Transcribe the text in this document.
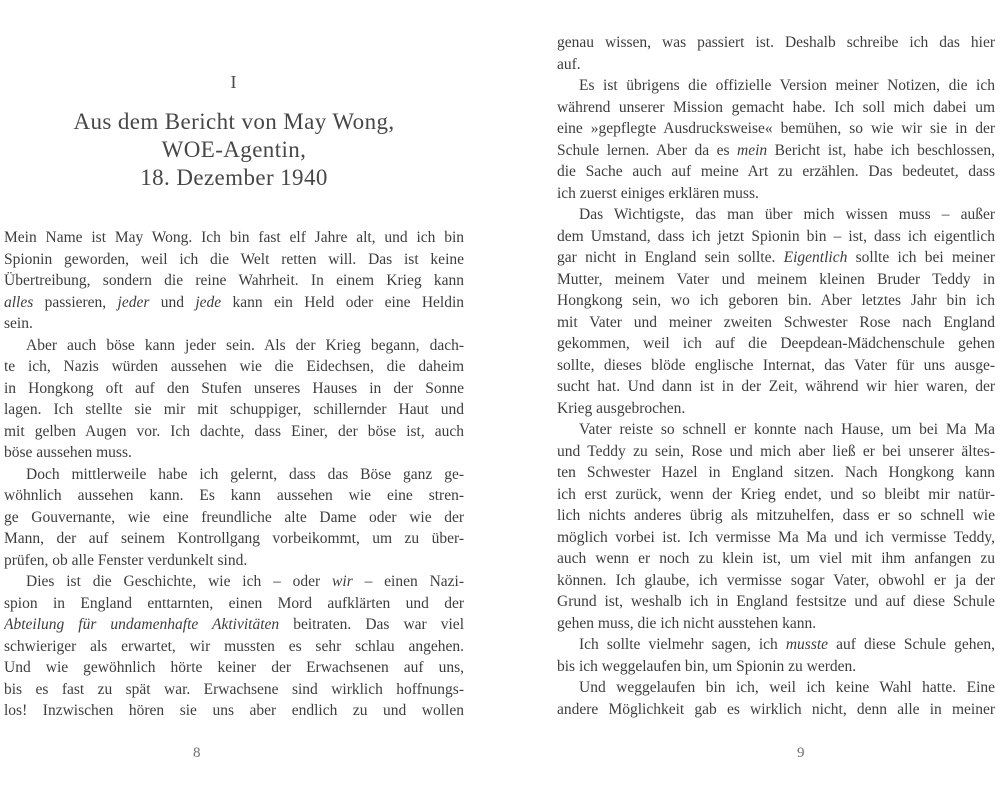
I
Aus dem Bericht von May Wong,
WOE-Agentin,
18. Dezember 1940
Mein Name ist May Wong. Ich bin fast elf Jahre alt, und ich bin
Spionin geworden, weil ich die Welt retten will. Das ist keine
Übertreibung, sondern die reine Wahrheit. In einem Krieg kann
alles passieren, jeder und jede kann ein Held oder eine Heldin
sein.
Aber auch böse kann jeder sein. Als der Krieg begann, dach-
te ich, Nazis würden aussehen wie die Eidechsen, die daheim
in Hongkong oft auf den Stufen unseres Hauses in der Sonne
lagen. Ich stellte sie mir mit schuppiger, schillernder Haut und
mit gelben Augen vor. Ich dachte, dass Einer, der böse ist, auch
böse aussehen muss.
Doch mittlerweile habe ich gelernt, dass das Böse ganz ge-
wöhnlich aussehen kann. Es kann aussehen wie eine stren-
ge Gouvernante, wie eine freundliche alte Dame oder wie der
Mann, der auf seinem Kontrollgang vorbeikommt, um zu über-
prüfen, ob alle Fenster verdunkelt sind.
Dies ist die Geschichte, wie ich – oder wir – einen Nazi-
spion in England enttarnten, einen Mord aufklärten und der
Abteilung für undamenhafte Aktivitäten beitraten. Das war viel
schwieriger als erwartet, wir mussten es sehr schlau angehen.
Und wie gewöhnlich hörte keiner der Erwachsenen auf uns,
bis es fast zu spät war. Erwachsene sind wirklich hoffnungs-
los! Inzwischen hören sie uns aber endlich zu und wollen
genau wissen, was passiert ist. Deshalb schreibe ich das hier
auf.
Es ist übrigens die offizielle Version meiner Notizen, die ich
während unserer Mission gemacht habe. Ich soll mich dabei um
eine »gepflegte Ausdrucksweise« bemühen, so wie wir sie in der
Schule lernen. Aber da es mein Bericht ist, habe ich beschlossen,
die Sache auch auf meine Art zu erzählen. Das bedeutet, dass
ich zuerst einiges erklären muss.
Das Wichtigste, das man über mich wissen muss – außer
dem Umstand, dass ich jetzt Spionin bin – ist, dass ich eigentlich
gar nicht in England sein sollte. Eigentlich sollte ich bei meiner
Mutter, meinem Vater und meinem kleinen Bruder Teddy in
Hongkong sein, wo ich geboren bin. Aber letztes Jahr bin ich
mit Vater und meiner zweiten Schwester Rose nach England
gekommen, weil ich auf die Deepdean-Mädchenschule gehen
sollte, dieses blöde englische Internat, das Vater für uns ausge-
sucht hat. Und dann ist in der Zeit, während wir hier waren, der
Krieg ausgebrochen.
Vater reiste so schnell er konnte nach Hause, um bei Ma Ma
und Teddy zu sein, Rose und mich aber ließ er bei unserer ältes-
ten Schwester Hazel in England sitzen. Nach Hongkong kann
ich erst zurück, wenn der Krieg endet, und so bleibt mir natür-
lich nichts anderes übrig als mitzuhelfen, dass er so schnell wie
möglich vorbei ist. Ich vermisse Ma Ma und ich vermisse Teddy,
auch wenn er noch zu klein ist, um viel mit ihm anfangen zu
können. Ich glaube, ich vermisse sogar Vater, obwohl er ja der
Grund ist, weshalb ich in England festsitze und auf diese Schule
gehen muss, die ich nicht ausstehen kann.
Ich sollte vielmehr sagen, ich musste auf diese Schule gehen,
bis ich weggelaufen bin, um Spionin zu werden.
Und weggelaufen bin ich, weil ich keine Wahl hatte. Eine
andere Möglichkeit gab es wirklich nicht, denn alle in meiner
8	9
